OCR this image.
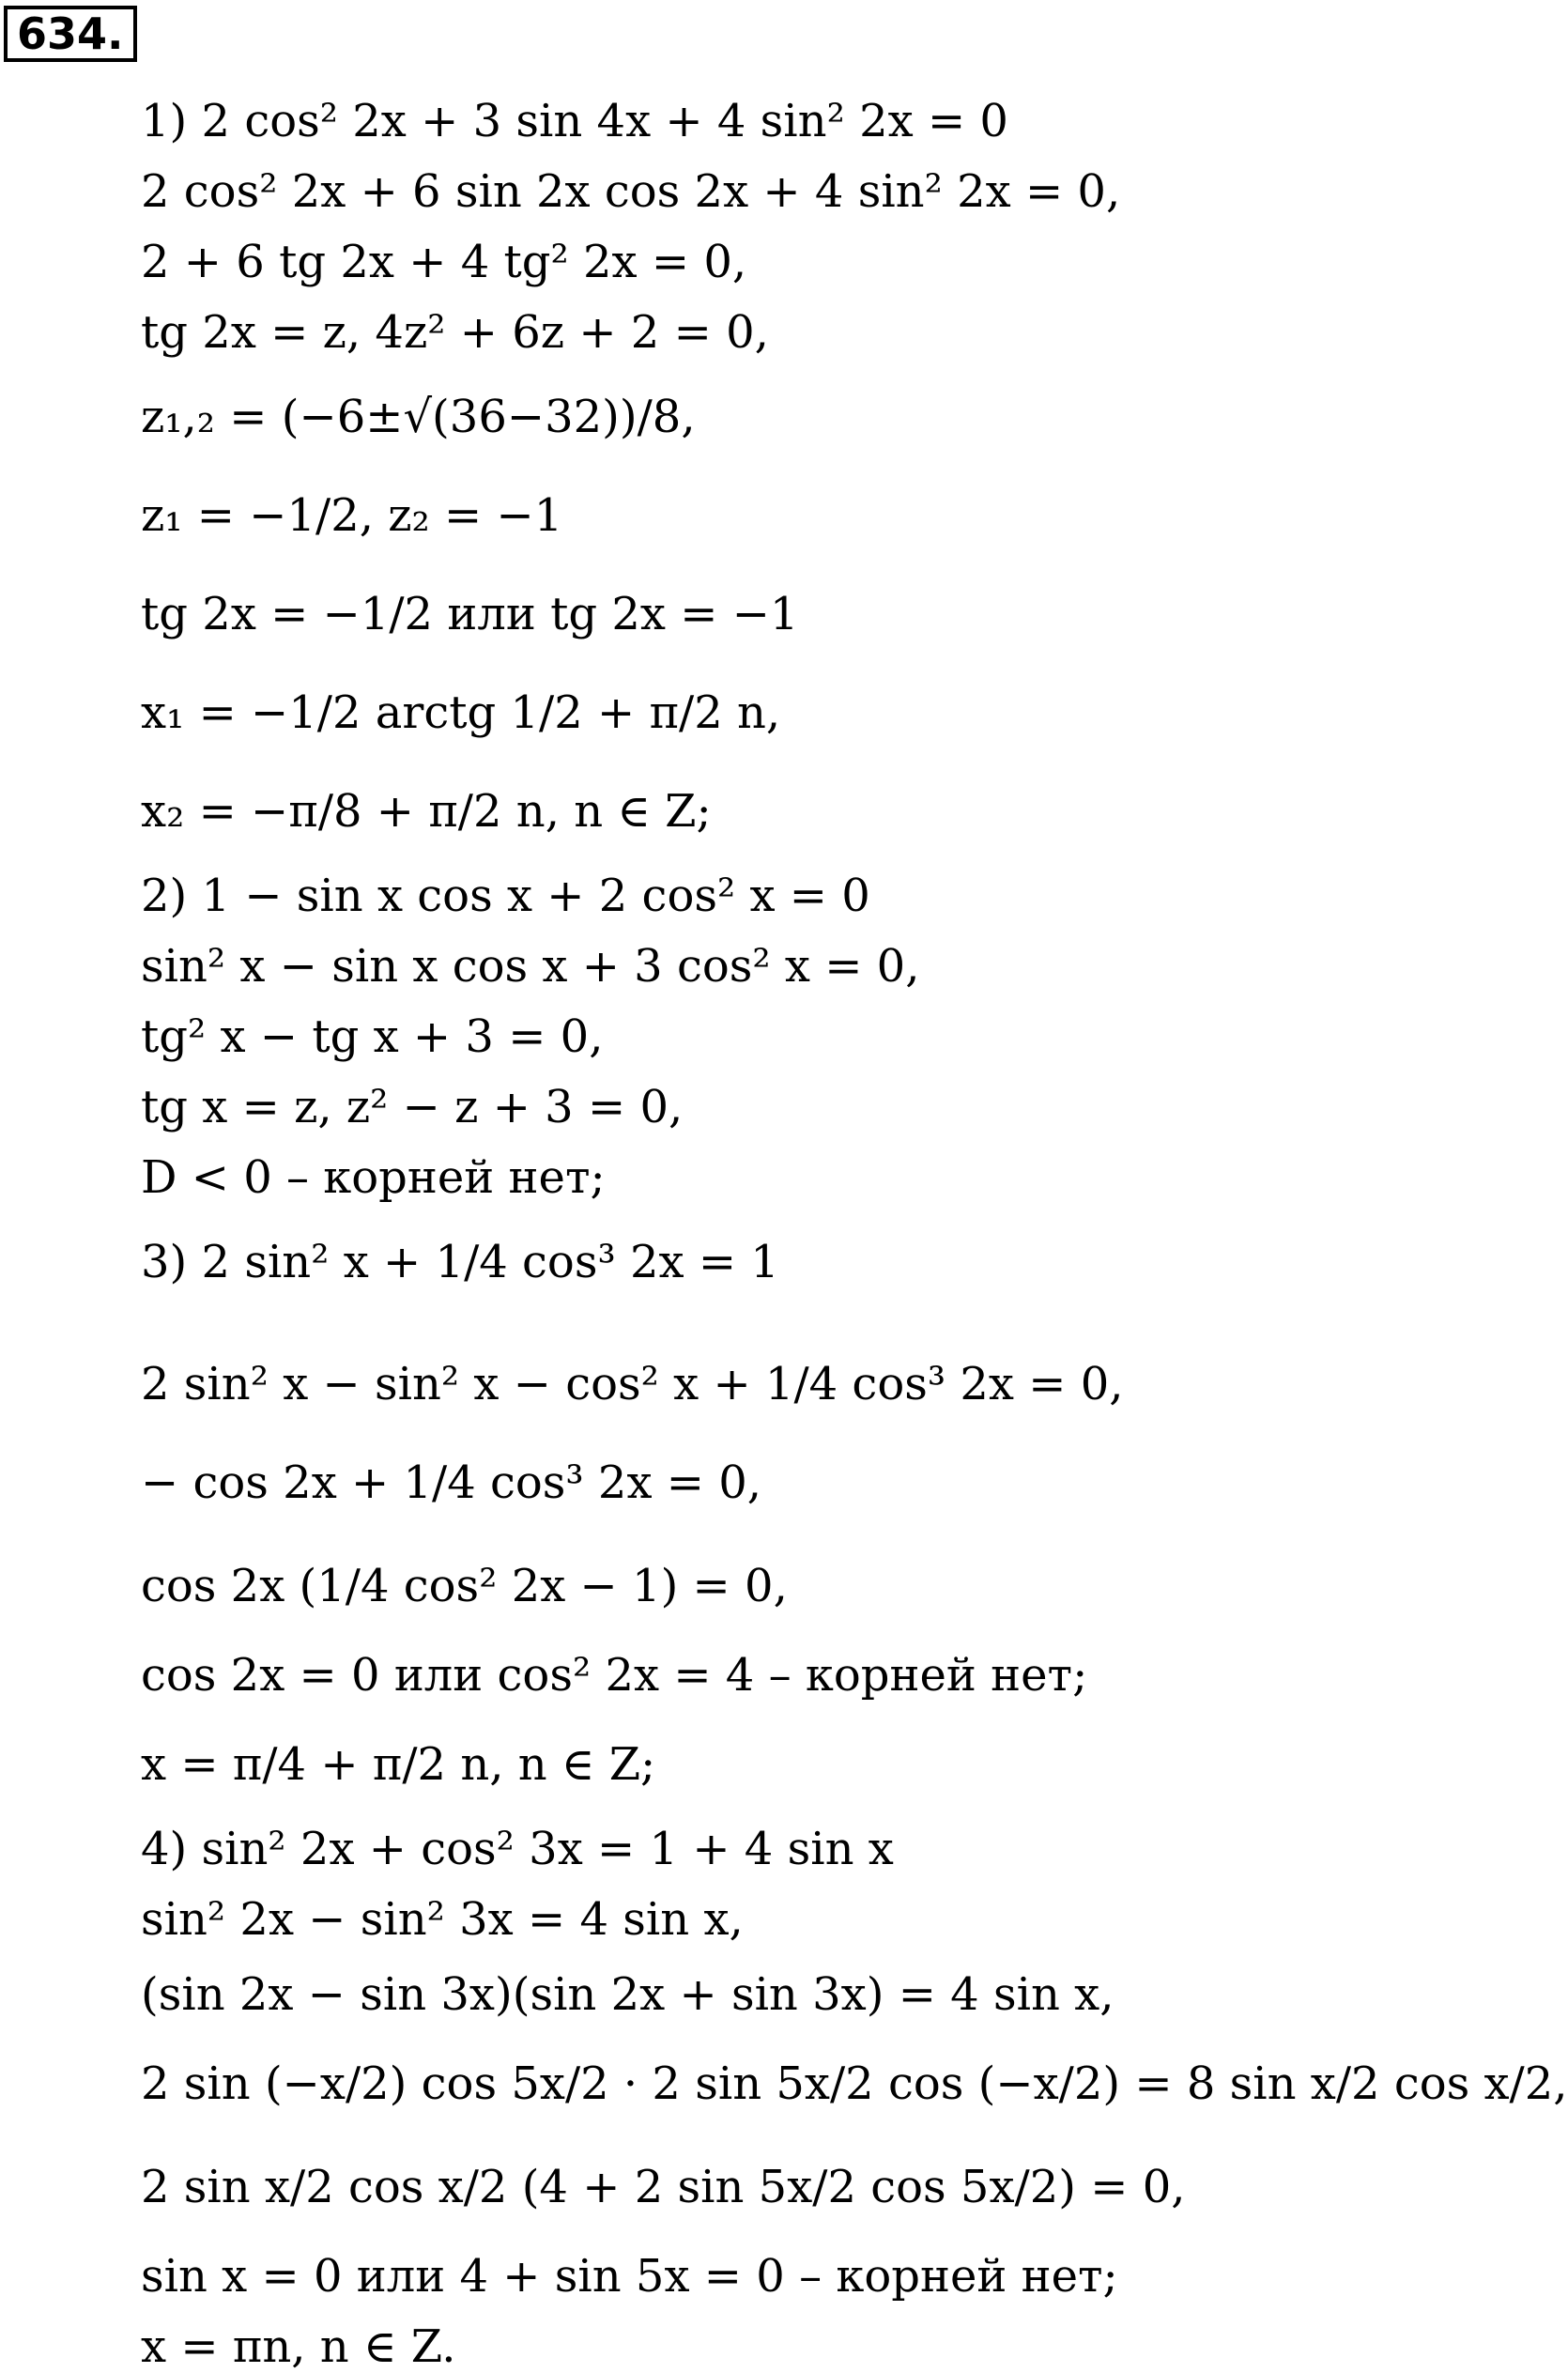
634.
1) 2 cos² 2x + 3 sin 4x + 4 sin² 2x = 0
2 cos² 2x + 6 sin 2x cos 2x + 4 sin² 2x = 0,
2 + 6 tg 2x + 4 tg² 2x = 0,
tg 2x = z, 4z² + 6z + 2 = 0,
z₁,₂ = (−6±√(36−32))/8,
z₁ = −1/2, z₂ = −1
tg 2x = −1/2 или tg 2x = −1
x₁ = −1/2 arctg 1/2 + π/2 n,
x₂ = −π/8 + π/2 n, n ∈ Z;
2) 1 − sin x cos x + 2 cos² x = 0
sin² x − sin x cos x + 3 cos² x = 0,
tg² x − tg x + 3 = 0,
tg x = z, z² − z + 3 = 0,
D < 0 – корней нет;
3) 2 sin² x + 1/4 cos³ 2x = 1
2 sin² x − sin² x − cos² x + 1/4 cos³ 2x = 0,
− cos 2x + 1/4 cos³ 2x = 0,
cos 2x (1/4 cos² 2x − 1) = 0,
cos 2x = 0 или cos² 2x = 4 – корней нет;
x = π/4 + π/2 n, n ∈ Z;
4) sin² 2x + cos² 3x = 1 + 4 sin x
sin² 2x − sin² 3x = 4 sin x,
(sin 2x − sin 3x)(sin 2x + sin 3x) = 4 sin x,
2 sin (−x/2) cos 5x/2 · 2 sin 5x/2 cos (−x/2) = 8 sin x/2 cos x/2,
2 sin x/2 cos x/2 (4 + 2 sin 5x/2 cos 5x/2) = 0,
sin x = 0 или 4 + sin 5x = 0 – корней нет;
x = πn, n ∈ Z.
